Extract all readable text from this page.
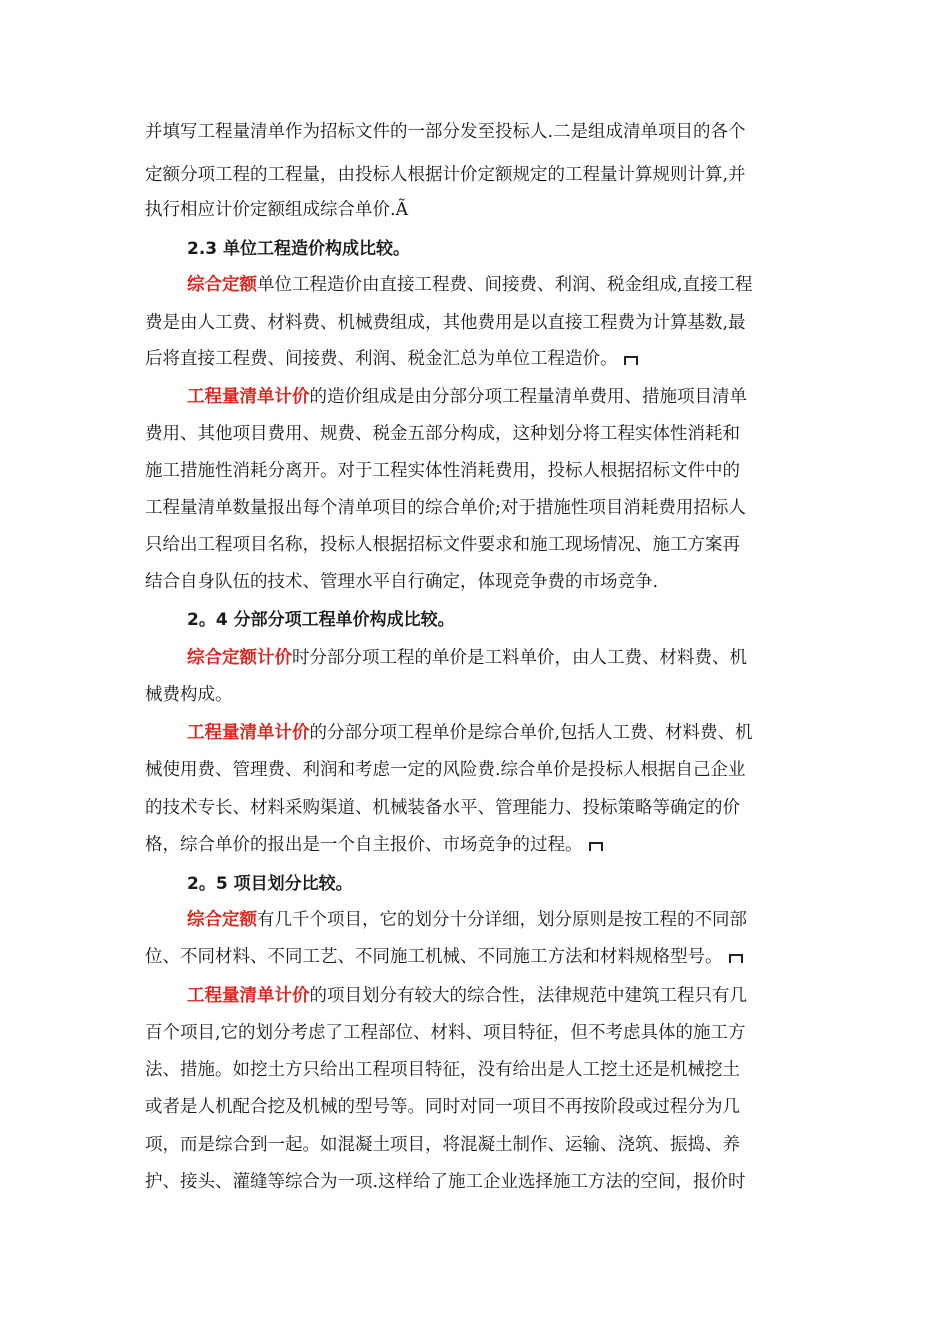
并填写工程量清单作为招标文件的一部分发至投标人.二是组成清单项目的各个
定额分项工程的工程量，由投标人根据计价定额规定的工程量计算规则计算,并
执行相应计价定额组成综合单价.Ã
2.3 单位工程造价构成比较。
综合定额单位工程造价由直接工程费、间接费、利润、税金组成,直接工程
费是由人工费、材料费、机械费组成，其他费用是以直接工程费为计算基数,最
后将直接工程费、间接费、利润、税金汇总为单位工程造价。
工程量清单计价的造价组成是由分部分项工程量清单费用、措施项目清单
费用、其他项目费用、规费、税金五部分构成，这种划分将工程实体性消耗和
施工措施性消耗分离开。对于工程实体性消耗费用，投标人根据招标文件中的
工程量清单数量报出每个清单项目的综合单价;对于措施性项目消耗费用招标人
只给出工程项目名称，投标人根据招标文件要求和施工现场情况、施工方案再
结合自身队伍的技术、管理水平自行确定，体现竞争费的市场竞争.
2。4 分部分项工程单价构成比较。
综合定额计价时分部分项工程的单价是工料单价，由人工费、材料费、机
械费构成。
工程量清单计价的分部分项工程单价是综合单价,包括人工费、材料费、机
械使用费、管理费、利润和考虑一定的风险费.综合单价是投标人根据自己企业
的技术专长、材料采购渠道、机械装备水平、管理能力、投标策略等确定的价
格，综合单价的报出是一个自主报价、市场竞争的过程。
2。5 项目划分比较。
综合定额有几千个项目，它的划分十分详细，划分原则是按工程的不同部
位、不同材料、不同工艺、不同施工机械、不同施工方法和材料规格型号。
工程量清单计价的项目划分有较大的综合性，法律规范中建筑工程只有几
百个项目,它的划分考虑了工程部位、材料、项目特征，但不考虑具体的施工方
法、措施。如挖土方只给出工程项目特征，没有给出是人工挖土还是机械挖土
或者是人机配合挖及机械的型号等。同时对同一项目不再按阶段或过程分为几
项，而是综合到一起。如混凝土项目，将混凝土制作、运输、浇筑、振捣、养
护、接头、灌缝等综合为一项.这样给了施工企业选择施工方法的空间，报价时
